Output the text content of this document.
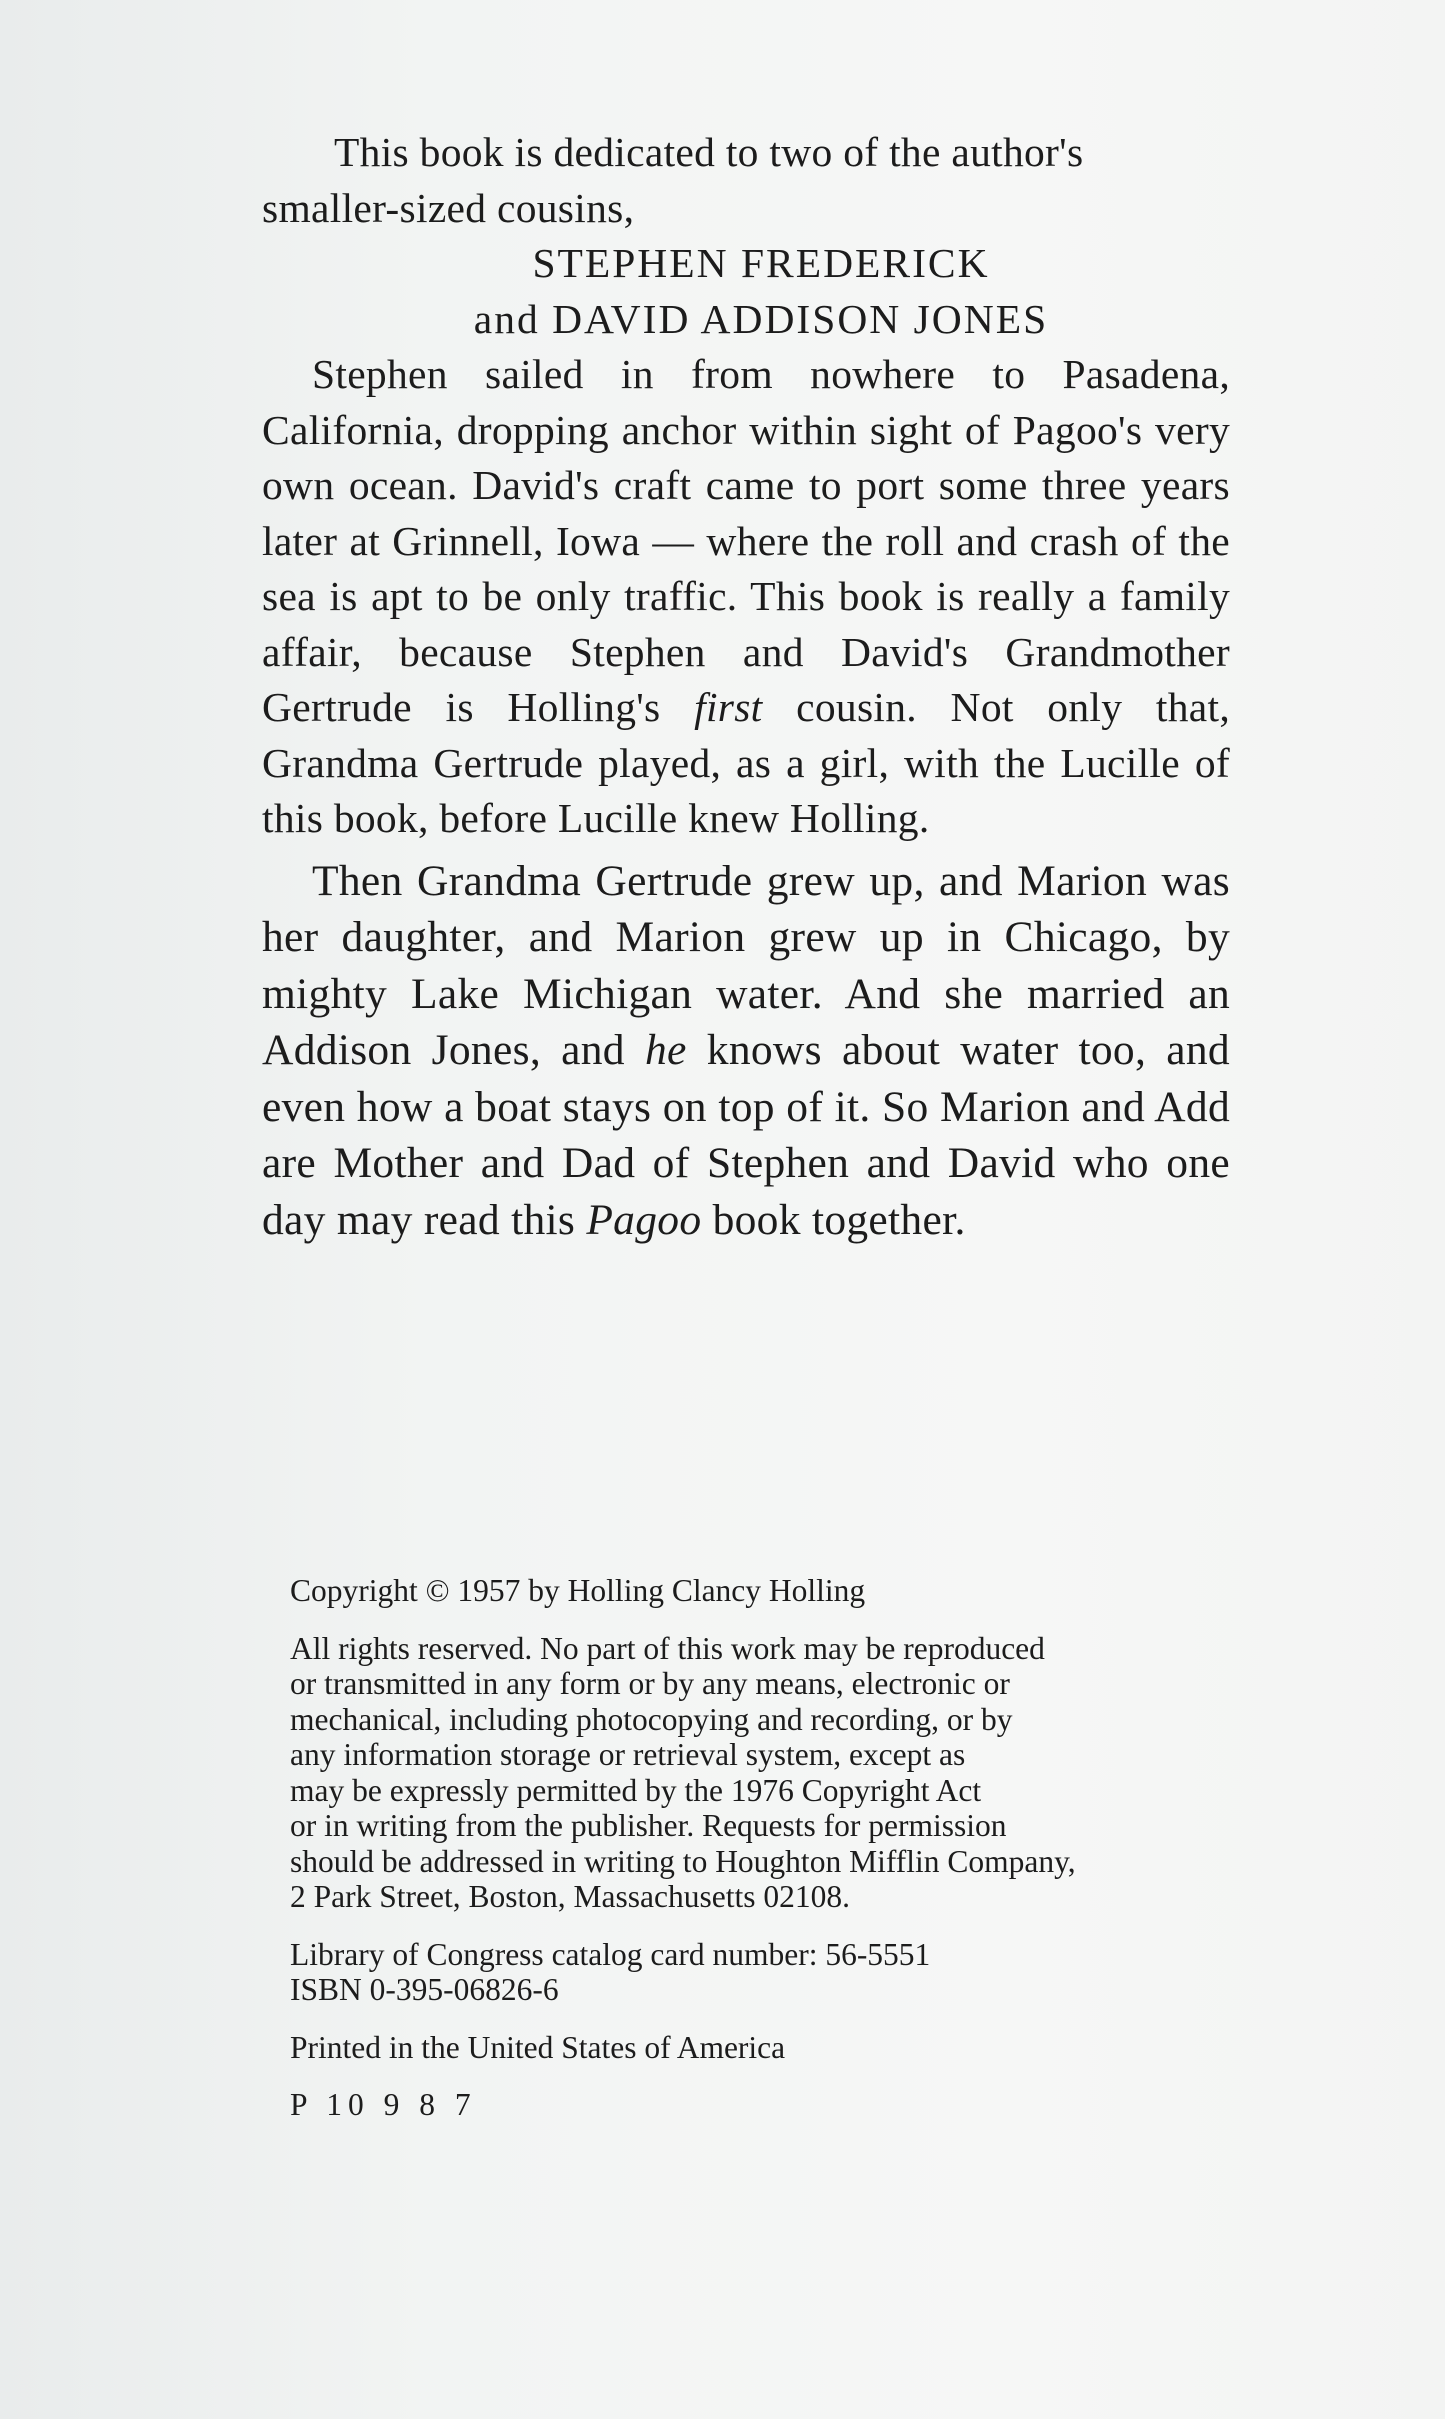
This book is dedicated to two of the author's
smaller-sized cousins,

STEPHEN FREDERICK
and DAVID ADDISON JONES

Stephen sailed in from nowhere to Pasadena, California, dropping anchor within sight of Pagoo's very own ocean. David's craft came to port some three years later at Grinnell, Iowa — where the roll and crash of the sea is apt to be only traffic. This book is really a family affair, because Stephen and David's Grandmother Gertrude is Holling's first cousin. Not only that, Grandma Gertrude played, as a girl, with the Lucille of this book, before Lucille knew Holling.

Then Grandma Gertrude grew up, and Marion was her daughter, and Marion grew up in Chicago, by mighty Lake Michigan water. And she married an Addison Jones, and he knows about water too, and even how a boat stays on top of it. So Marion and Add are Mother and Dad of Stephen and David who one day may read this Pagoo book together.

Copyright © 1957 by Holling Clancy Holling

All rights reserved. No part of this work may be reproduced
or transmitted in any form or by any means, electronic or
mechanical, including photocopying and recording, or by
any information storage or retrieval system, except as
may be expressly permitted by the 1976 Copyright Act
or in writing from the publisher. Requests for permission
should be addressed in writing to Houghton Mifflin Company,
2 Park Street, Boston, Massachusetts 02108.

Library of Congress catalog card number: 56-5551
ISBN 0-395-06826-6

Printed in the United States of America

P 10 9 8 7
